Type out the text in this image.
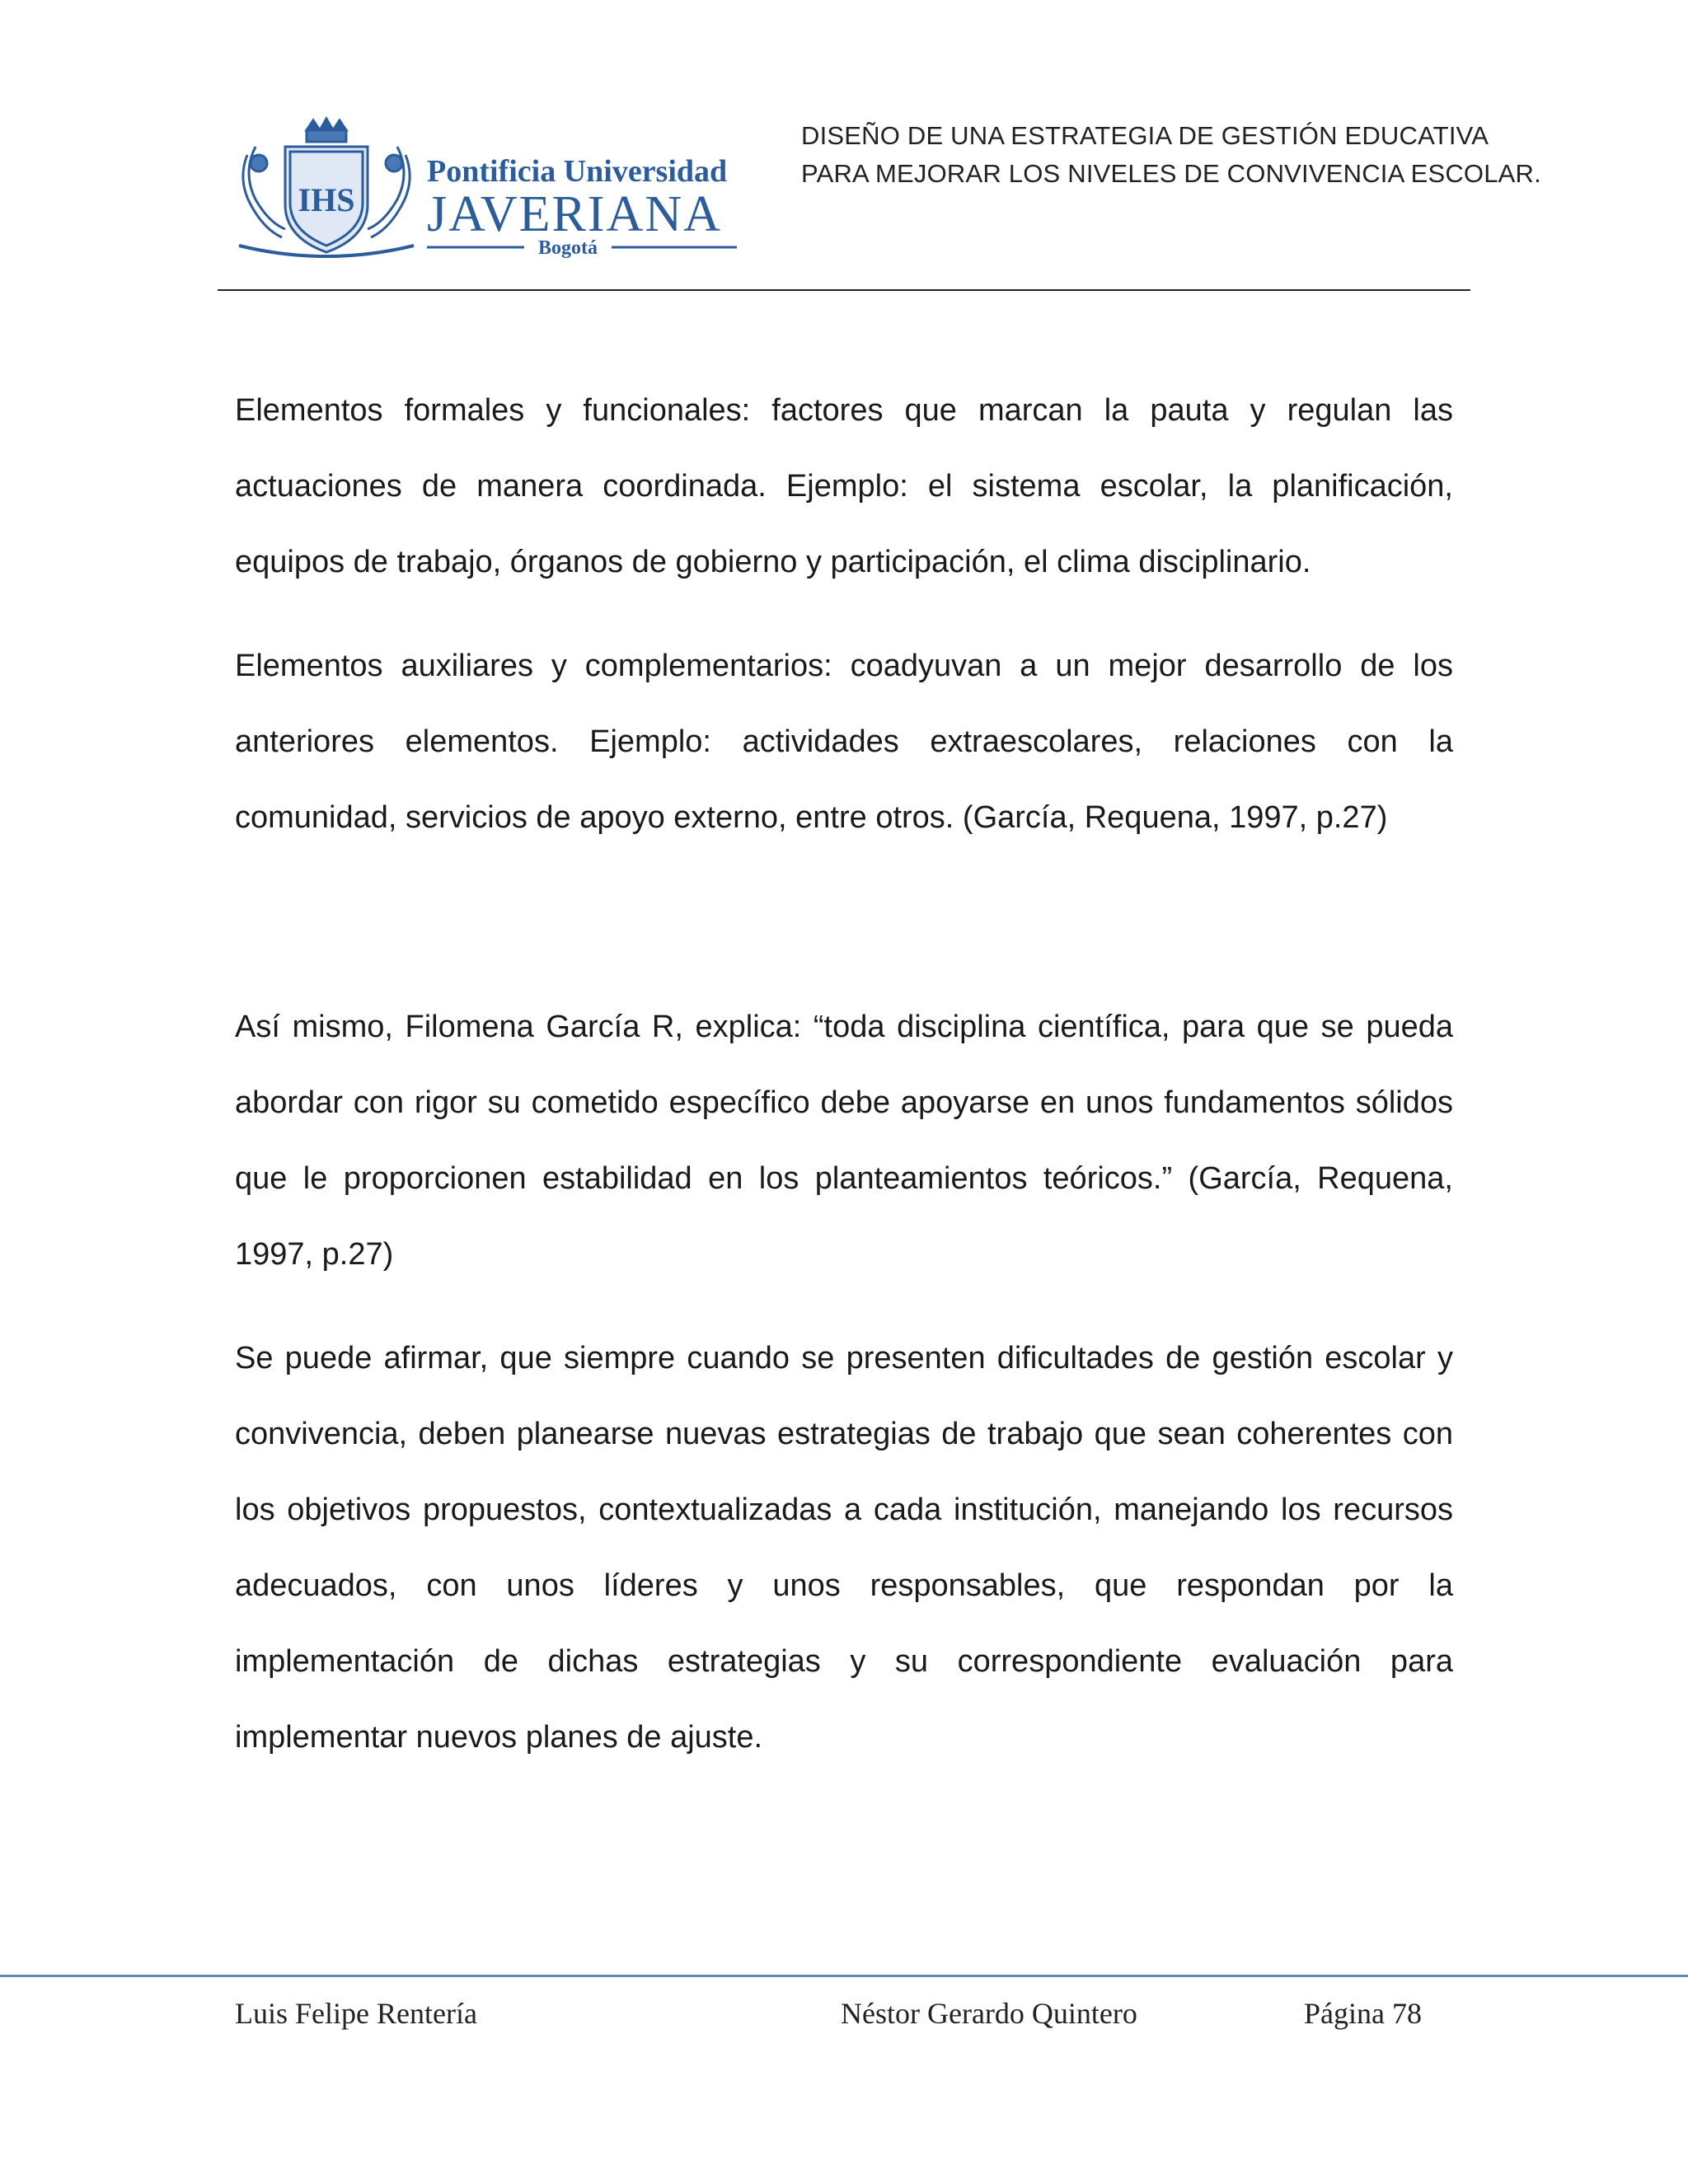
IHS
Pontificia Universidad
JAVERIANA
Bogotá
DISEÑO DE UNA ESTRATEGIA DE GESTIÓN EDUCATIVA
PARA MEJORAR LOS NIVELES DE CONVIVENCIA ESCOLAR.
Elementos formales y funcionales: factores que marcan la pauta y regulan las actuaciones de manera coordinada. Ejemplo: el sistema escolar, la planificación, equipos de trabajo, órganos de gobierno y participación, el clima disciplinario.
Elementos auxiliares y complementarios: coadyuvan a un mejor desarrollo de los anteriores elementos. Ejemplo: actividades extraescolares, relaciones con la comunidad, servicios de apoyo externo, entre otros. (García, Requena, 1997, p.27)
Así mismo, Filomena García R, explica: “toda disciplina científica, para que se pueda abordar con rigor su cometido específico debe apoyarse en unos fundamentos sólidos que le proporcionen estabilidad en los planteamientos teóricos.” (García, Requena, 1997, p.27)
Se puede afirmar, que siempre cuando se presenten dificultades de gestión escolar y convivencia, deben planearse nuevas estrategias de trabajo que sean coherentes con los objetivos propuestos, contextualizadas a cada institución, manejando los recursos adecuados, con unos líderes y unos responsables, que respondan por la implementación de dichas estrategias y su correspondiente evaluación para implementar nuevos planes de ajuste.
Luis Felipe Rentería	Néstor Gerardo Quintero	Página 78
